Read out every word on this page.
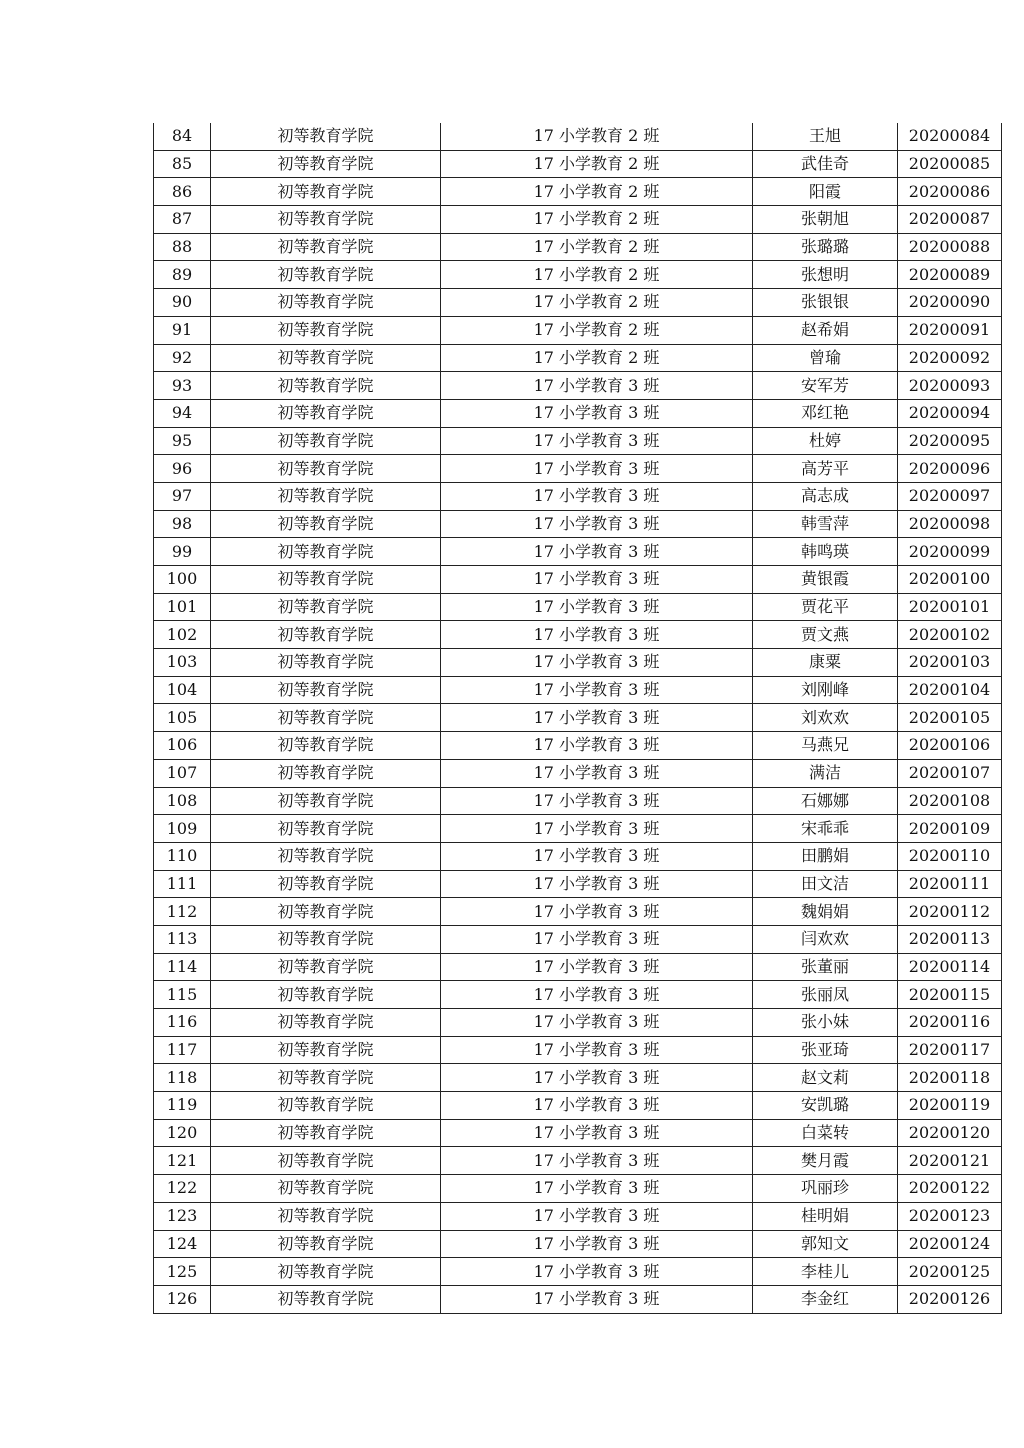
84	初等教育学院	17 小学教育 2 班	王旭	20200084
85	初等教育学院	17 小学教育 2 班	武佳奇	20200085
86	初等教育学院	17 小学教育 2 班	阳霞	20200086
87	初等教育学院	17 小学教育 2 班	张朝旭	20200087
88	初等教育学院	17 小学教育 2 班	张璐璐	20200088
89	初等教育学院	17 小学教育 2 班	张想明	20200089
90	初等教育学院	17 小学教育 2 班	张银银	20200090
91	初等教育学院	17 小学教育 2 班	赵希娟	20200091
92	初等教育学院	17 小学教育 2 班	曾瑜	20200092
93	初等教育学院	17 小学教育 3 班	安军芳	20200093
94	初等教育学院	17 小学教育 3 班	邓红艳	20200094
95	初等教育学院	17 小学教育 3 班	杜婷	20200095
96	初等教育学院	17 小学教育 3 班	高芳平	20200096
97	初等教育学院	17 小学教育 3 班	高志成	20200097
98	初等教育学院	17 小学教育 3 班	韩雪萍	20200098
99	初等教育学院	17 小学教育 3 班	韩鸣瑛	20200099
100	初等教育学院	17 小学教育 3 班	黄银霞	20200100
101	初等教育学院	17 小学教育 3 班	贾花平	20200101
102	初等教育学院	17 小学教育 3 班	贾文燕	20200102
103	初等教育学院	17 小学教育 3 班	康粟	20200103
104	初等教育学院	17 小学教育 3 班	刘刚峰	20200104
105	初等教育学院	17 小学教育 3 班	刘欢欢	20200105
106	初等教育学院	17 小学教育 3 班	马燕兄	20200106
107	初等教育学院	17 小学教育 3 班	满洁	20200107
108	初等教育学院	17 小学教育 3 班	石娜娜	20200108
109	初等教育学院	17 小学教育 3 班	宋乖乖	20200109
110	初等教育学院	17 小学教育 3 班	田鹏娟	20200110
111	初等教育学院	17 小学教育 3 班	田文洁	20200111
112	初等教育学院	17 小学教育 3 班	魏娟娟	20200112
113	初等教育学院	17 小学教育 3 班	闫欢欢	20200113
114	初等教育学院	17 小学教育 3 班	张董丽	20200114
115	初等教育学院	17 小学教育 3 班	张丽凤	20200115
116	初等教育学院	17 小学教育 3 班	张小妹	20200116
117	初等教育学院	17 小学教育 3 班	张亚琦	20200117
118	初等教育学院	17 小学教育 3 班	赵文莉	20200118
119	初等教育学院	17 小学教育 3 班	安凯璐	20200119
120	初等教育学院	17 小学教育 3 班	白菜转	20200120
121	初等教育学院	17 小学教育 3 班	樊月霞	20200121
122	初等教育学院	17 小学教育 3 班	巩丽珍	20200122
123	初等教育学院	17 小学教育 3 班	桂明娟	20200123
124	初等教育学院	17 小学教育 3 班	郭知文	20200124
125	初等教育学院	17 小学教育 3 班	李桂儿	20200125
126	初等教育学院	17 小学教育 3 班	李金红	20200126
